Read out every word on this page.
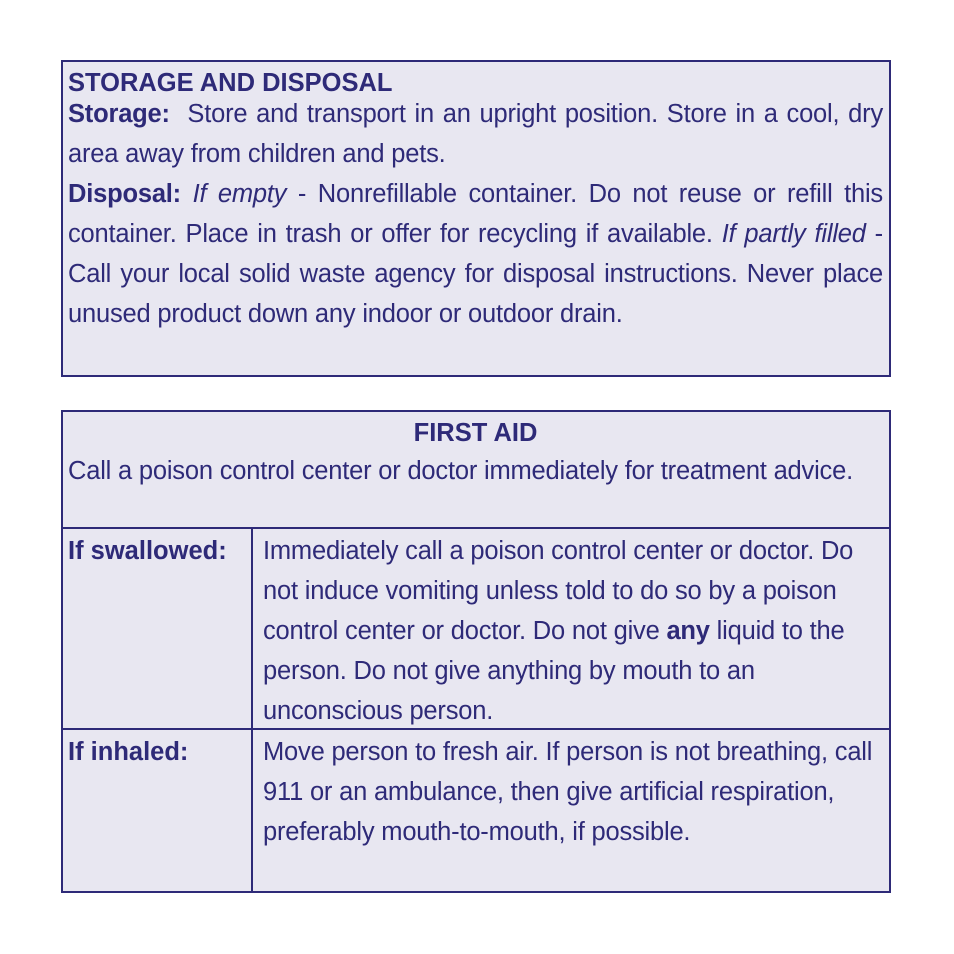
STORAGE AND DISPOSAL

Storage:  Store and transport in an upright position. Store in a cool, dry area away from children and pets.

Disposal: If empty - Nonrefillable container. Do not reuse or refill this container. Place in trash or offer for recycling if available. If partly filled - Call your local solid waste agency for disposal instructions. Never place unused product down any indoor or outdoor drain.

FIRST AID

Call a poison control center or doctor immediately for treatment advice.

If swallowed:	Immediately call a poison control center or doctor. Do not induce vomiting unless told to do so by a poison control center or doctor. Do not give any liquid to the person. Do not give anything by mouth to an unconscious person.
If inhaled:	Move person to fresh air. If person is not breathing, call 911 or an ambulance, then give artificial respiration, preferably mouth-to-mouth, if possible.
